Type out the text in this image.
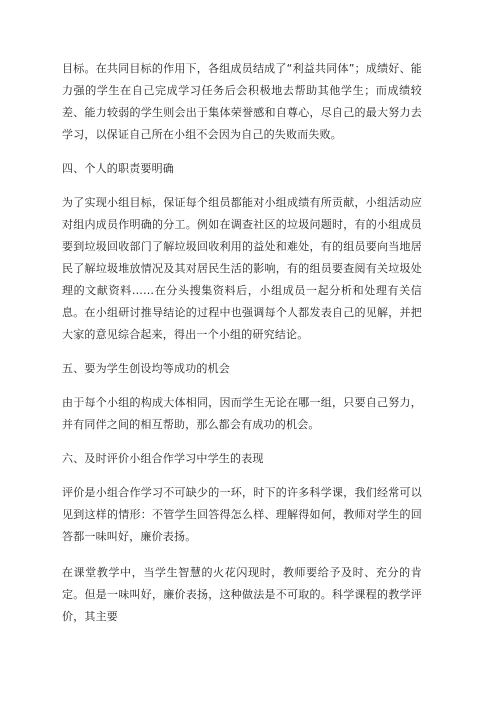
目标。在共同目标的作用下，各组成员结成了“利益共同体”；成绩好、能力强的学生在自己完成学习任务后会积极地去帮助其他学生；而成绩较差、能力较弱的学生则会出于集体荣誉感和自尊心，尽自己的最大努力去学习，以保证自己所在小组不会因为自己的失败而失败。

四、个人的职责要明确

为了实现小组目标，保证每个组员都能对小组成绩有所贡献，小组活动应对组内成员作明确的分工。例如在调查社区的垃圾问题时，有的小组成员要到垃圾回收部门了解垃圾回收利用的益处和难处，有的组员要向当地居民了解垃圾堆放情况及其对居民生活的影响，有的组员要查阅有关垃圾处理的文献资料……在分头搜集资料后，小组成员一起分析和处理有关信息。在小组研讨推导结论的过程中也强调每个人都发表自己的见解，并把大家的意见综合起来，得出一个小组的研究结论。

五、要为学生创设均等成功的机会

由于每个小组的构成大体相同，因而学生无论在哪一组，只要自己努力，并有同伴之间的相互帮助，那么都会有成功的机会。

六、及时评价小组合作学习中学生的表现

评价是小组合作学习不可缺少的一环，时下的许多科学课，我们经常可以见到这样的情形：不管学生回答得怎么样、理解得如何，教师对学生的回答都一味叫好，廉价表扬。

在课堂教学中，当学生智慧的火花闪现时，教师要给予及时、充分的肯定。但是一味叫好，廉价表扬，这种做法是不可取的。科学课程的教学评价，其主要
